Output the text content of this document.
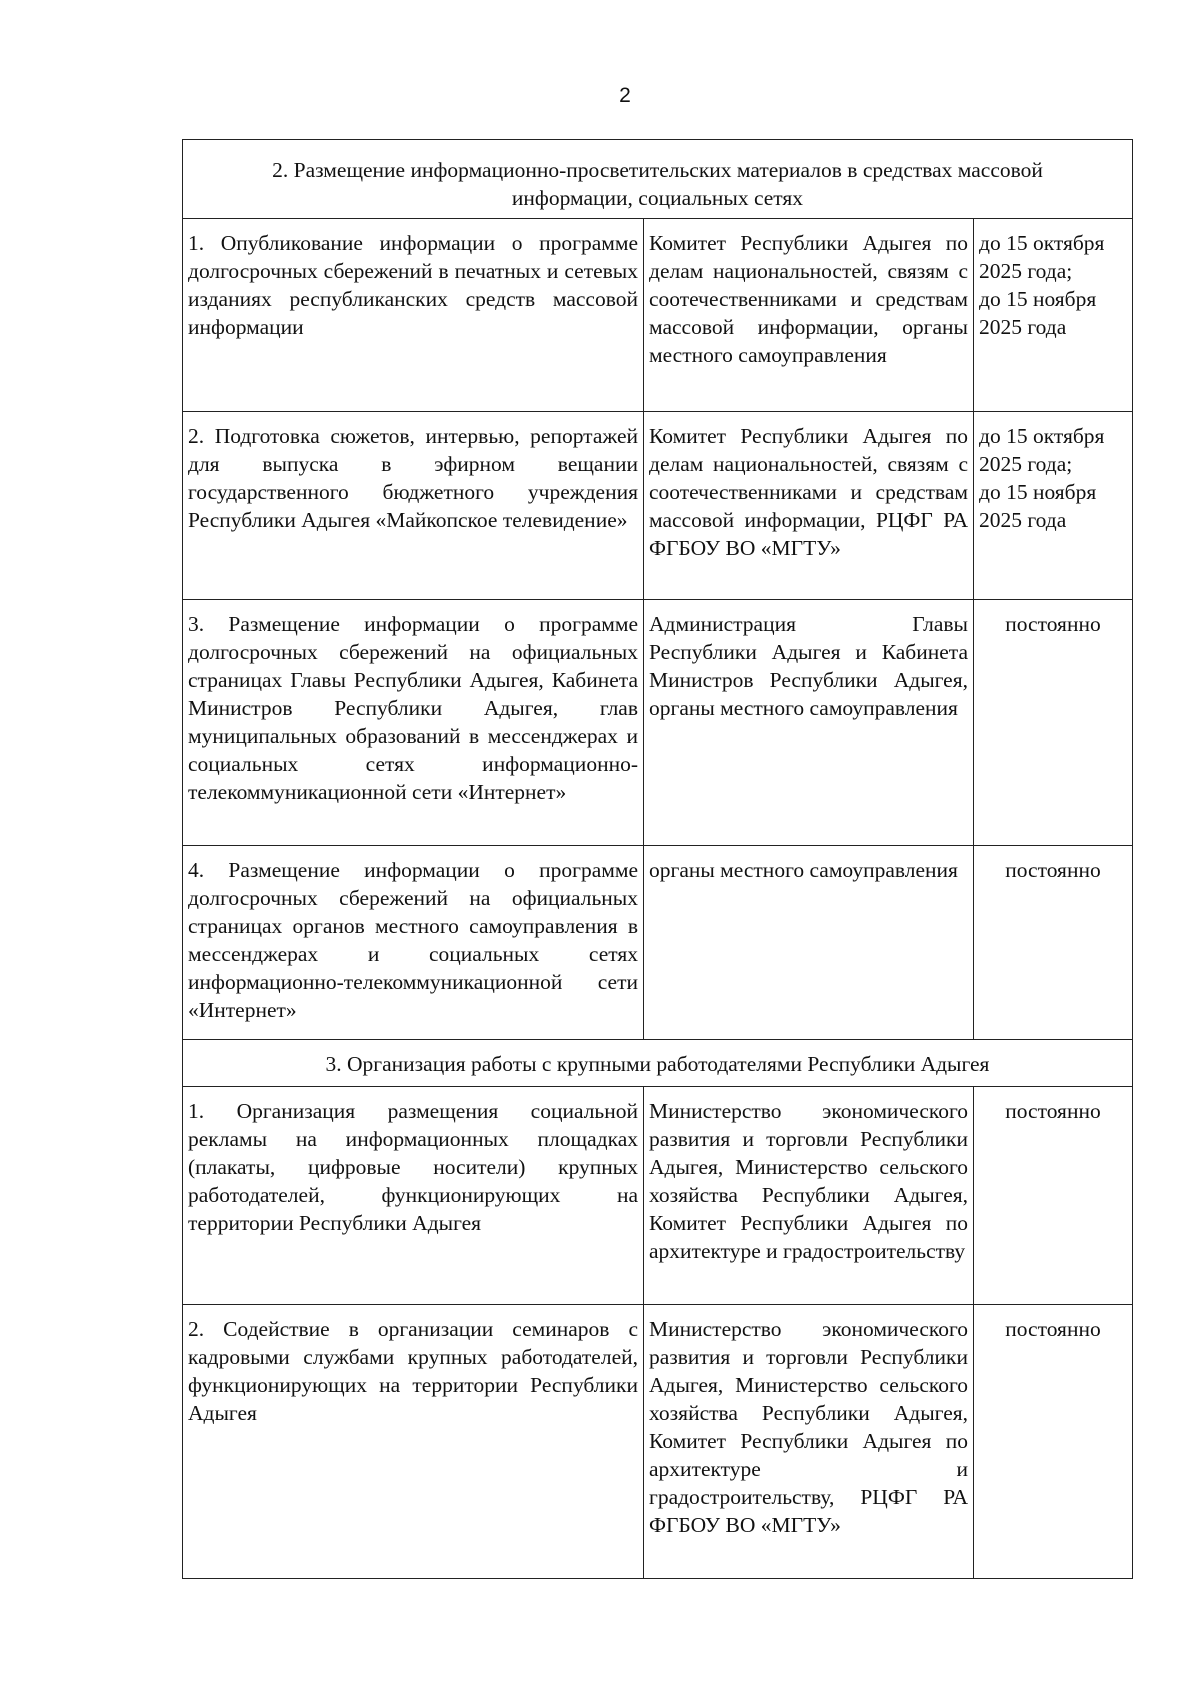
2
2. Размещение информационно-просветительских материалов в средствах массовой информации, социальных сетях		
1. Опубликование информации о программе долгосрочных сбережений в печатных и сетевых изданиях республиканских средств массовой информации	Комитет Республики Адыгея по делам национальностей, связям с соотечественниками и средствам массовой информации, органы местного самоуправления	до 15 октября 2025 года;
до 15 ноября 2025 года

2. Подготовка сюжетов, интервью, репортажей для выпуска в эфирном вещании государственного бюджетного учреждения Республики Адыгея «Майкопское телевидение»	Комитет Республики Адыгея по делам национальностей, связям с соотечественниками и средствам массовой информации, РЦФГ РА ФГБОУ ВО «МГТУ»	до 15 октября 2025 года;
до 15 ноября 2025 года

3. Размещение информации о программе долгосрочных сбережений на официальных страницах Главы Республики Адыгея, Кабинета Министров Республики Адыгея, глав муниципальных образований в мессенджерах и социальных сетях информационно-телекоммуникационной сети «Интернет»	Администрация Главы Республики Адыгея и Кабинета Министров Республики Адыгея, органы местного самоуправления	постоянно
4. Размещение информации о программе долгосрочных сбережений на официальных страницах органов местного самоуправления в мессенджерах и социальных сетях информационно-телекоммуникационной сети «Интернет»	органы местного самоуправления	постоянно
3. Организация работы с крупными работодателями Республики Адыгея		
1. Организация размещения социальной рекламы на информационных площадках (плакаты, цифровые носители) крупных работодателей, функционирующих на территории Республики Адыгея	Министерство экономического развития и торговли Республики Адыгея, Министерство сельского хозяйства Республики Адыгея, Комитет Республики Адыгея по архитектуре и градостроительству	постоянно
2. Содействие в организации семинаров с кадровыми службами крупных работодателей, функционирующих на территории Республики Адыгея	Министерство экономического развития и торговли Республики Адыгея, Министерство сельского хозяйства Республики Адыгея, Комитет Республики Адыгея по архитектуре и градостроительству, РЦФГ РА ФГБОУ ВО «МГТУ»	постоянно
